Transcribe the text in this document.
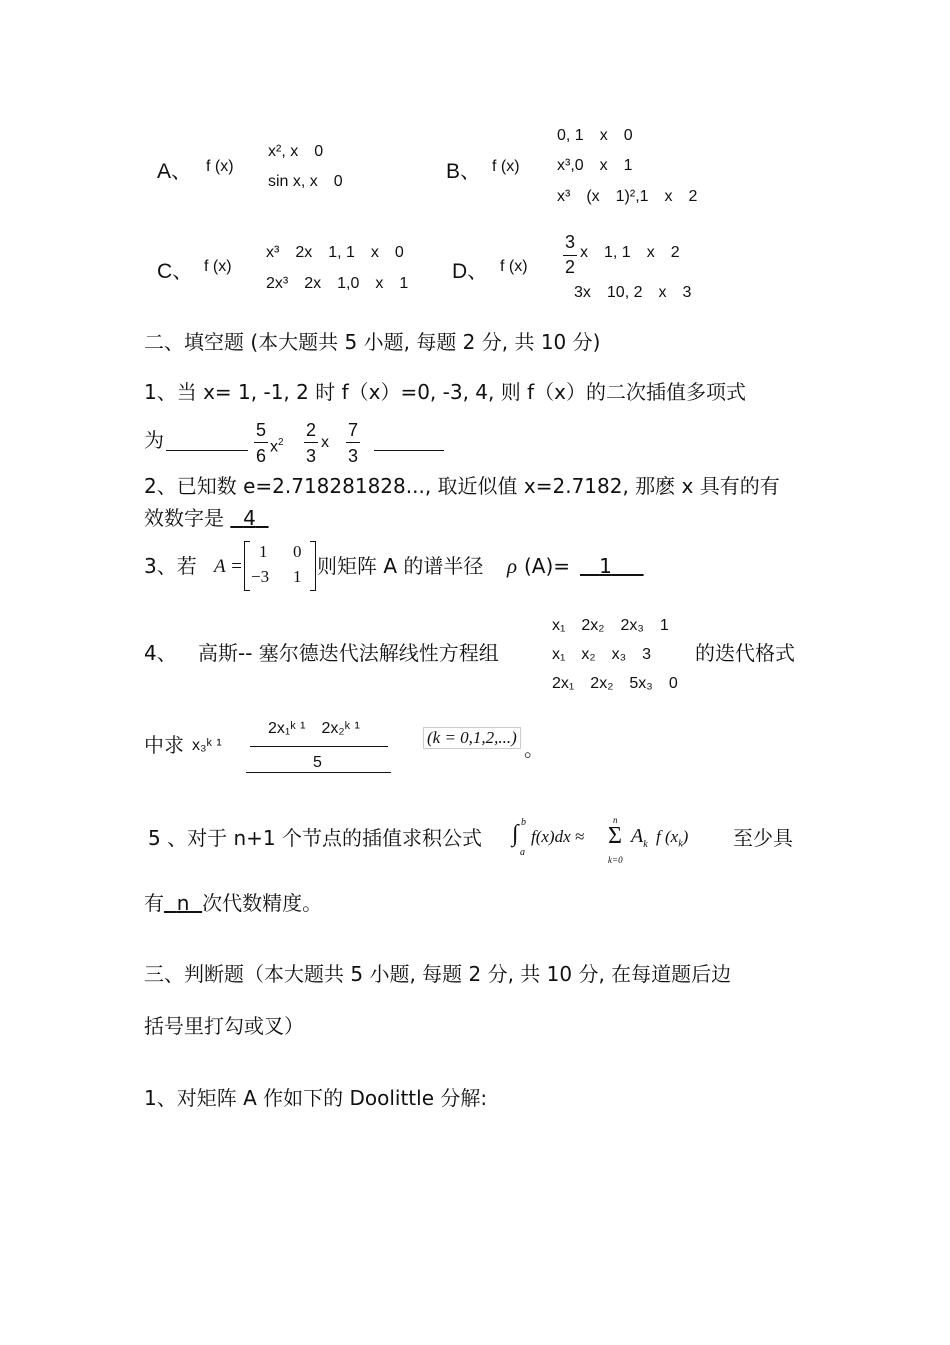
A、 f (x)
x², x　0
sin x, x　0	B、 f (x)
0, 1　x　0
x³,0　x　1
x³　(x　1)²,1　x　2
C、 f (x)
x³　2x　1, 1　x　0
2x³　2x　1,0　x　1
D、 f (x)
3
2
x　1, 1　x　2
3x　10, 2　x　3
二、填空题 (本大题共 5 小题, 每题 2 分, 共 10 分)
1、当 x= 1, -1, 2 时 f（x）=0, -3, 4, 则 f（x）的二次插值多项式
为	5
6 $x^2$
2
3
x
7
3
2、已知数 e=2.718281828..., 取近似值 x=2.7182, 那麽 x 具有的有
效数字是   4
3、若 A =
1 0
−3 1 则矩阵 A 的谱半径 ρ (A)=	1
4、 高斯-- 塞尔德迭代法解线性方程组
x₁　2x₂　2x₃　1
x₁　x₂　x₃　3
2x₁　2x₂　5x₃　0
的迭代格式
中求 x₃ᵏ ¹
2x₁ᵏ ¹　2x₂ᵏ ¹
5
(k = 0,1,2,...) 。
5 、对于 n+1 个节点的插值求积公式 ∫ b
a
f(x)dx ≈ Σ
n
k=0
$A_k$ f $(x_k)$ 至少具
有 n 次代数精度。
三、判断题（本大题共 5 小题, 每题 2 分, 共 10 分, 在每道题后边
括号里打勾或叉）
1、对矩阵 A 作如下的 Doolittle 分解:
